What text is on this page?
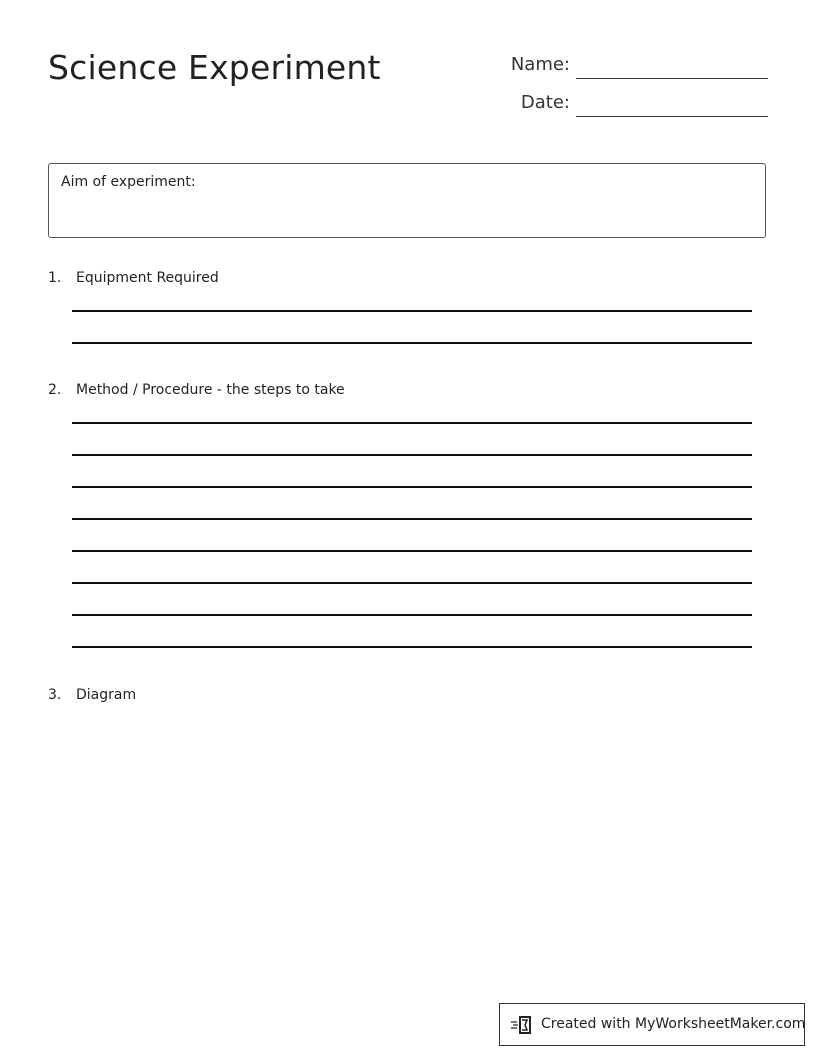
Science Experiment	Name:
Date:
Aim of experiment:
1. Equipment Required
2. Method / Procedure - the steps to take
3. Diagram
Created with MyWorksheetMaker.com
